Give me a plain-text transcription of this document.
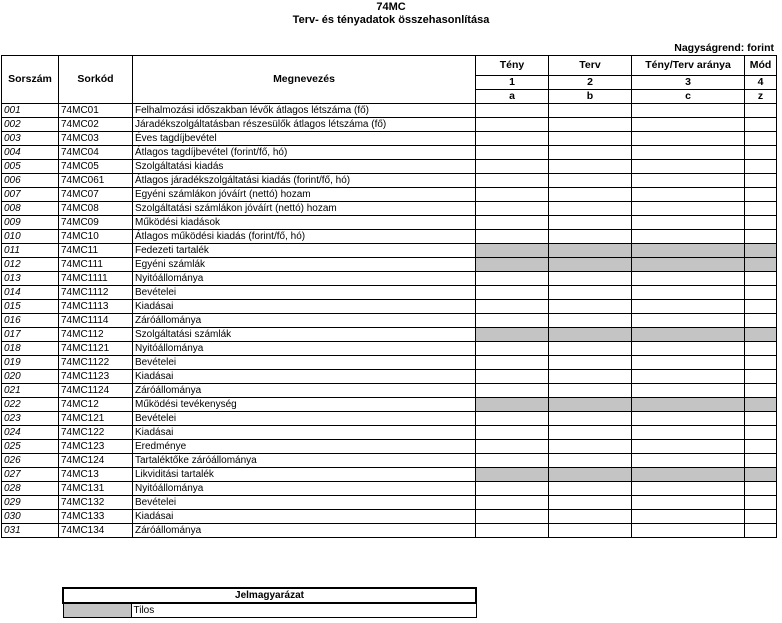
74MC
Terv- és tényadatok összehasonlítása
Nagyságrend: forint
Sorszám	Sorkód	Megnevezés	Tény	Terv	Tény/Terv aránya	Mód
			1	2	3	4
			a	b	c	z
001	74MC01	Felhalmozási időszakban lévők átlagos létszáma (fő)				
002	74MC02	Járadékszolgáltatásban részesülők átlagos létszáma (fő)				
003	74MC03	Éves tagdíjbevétel				
004	74MC04	Átlagos tagdíjbevétel (forint/fő, hó)				
005	74MC05	Szolgáltatási kiadás				
006	74MC061	Átlagos járadékszolgáltatási kiadás (forint/fő, hó)				
007	74MC07	Egyéni számlákon jóváírt (nettó) hozam				
008	74MC08	Szolgáltatási számlákon jóváírt (nettó) hozam				
009	74MC09	Működési kiadások				
010	74MC10	Átlagos működési kiadás (forint/fő, hó)				
011	74MC11	Fedezeti tartalék				
012	74MC111	Egyéni számlák				
013	74MC1111	Nyitóállománya				
014	74MC1112	Bevételei				
015	74MC1113	Kiadásai				
016	74MC1114	Záróállománya				
017	74MC112	Szolgáltatási számlák				
018	74MC1121	Nyitóállománya				
019	74MC1122	Bevételei				
020	74MC1123	Kiadásai				
021	74MC1124	Záróállománya				
022	74MC12	Működési tevékenység				
023	74MC121	Bevételei				
024	74MC122	Kiadásai				
025	74MC123	Eredménye				
026	74MC124	Tartaléktőke záróállománya				
027	74MC13	Likviditási tartalék				
028	74MC131	Nyitóállománya				
029	74MC132	Bevételei				
030	74MC133	Kiadásai				
031	74MC134	Záróállománya				
Jelmagyarázat
	Tilos
